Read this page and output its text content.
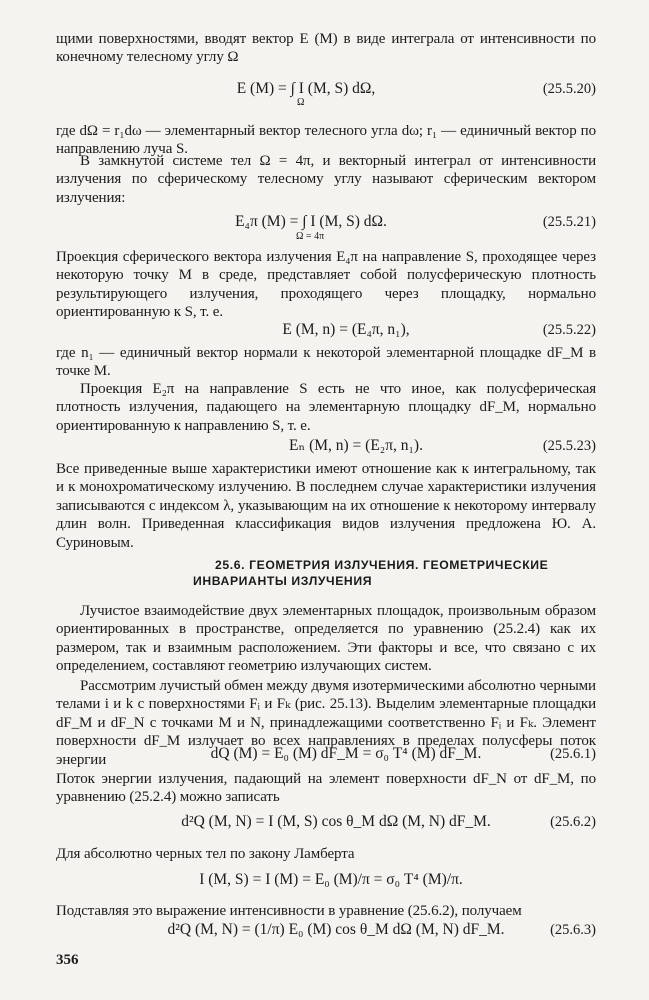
щими поверхностями, вводят вектор E (M) в виде интеграла от интенсивности по конечному телесному углу Ω

E (M) = ∫ I (M, S) dΩ,
Ω
(25.5.20)

где dΩ = r₁dω — элементарный вектор телесного угла dω; r₁ — единичный вектор по направлению луча S.

В замкнутой системе тел Ω = 4π, и векторный интеграл от интенсивности излучения по сферическому телесному углу называют сферическим вектором излучения:

E₄π (M) = ∫ I (M, S) dΩ.
Ω = 4π
(25.5.21)

Проекция сферического вектора излучения E₄π на направление S, проходящее через некоторую точку M в среде, представляет собой полусферическую плотность результирующего излучения, проходящего через площадку, нормально ориентированную к S, т. е.

E (M, n) = (E₄π, n₁),	(25.5.22)

где n₁ — единичный вектор нормали к некоторой элементарной площадке dF_M в точке M.

Проекция E₂π на направление S есть не что иное, как полусферическая плотность излучения, падающего на элементарную площадку dF_M, нормально ориентированную к направлению S, т. е.

Eₙ (M, n) = (E₂π, n₁).	(25.5.23)

Все приведенные выше характеристики имеют отношение как к интегральному, так и к монохроматическому излучению. В последнем случае характеристики излучения записываются с индексом λ, указывающим на их отношение к некоторому интервалу длин волн. Приведенная классификация видов излучения предложена Ю. А. Суриновым.

25.6. ГЕОМЕТРИЯ ИЗЛУЧЕНИЯ. ГЕОМЕТРИЧЕСКИЕ
ИНВАРИАНТЫ ИЗЛУЧЕНИЯ

Лучистое взаимодействие двух элементарных площадок, произвольным образом ориентированных в пространстве, определяется по уравнению (25.2.4) как их размером, так и взаимным расположением. Эти факторы и все, что связано с их определением, составляют геометрию излучающих систем.

Рассмотрим лучистый обмен между двумя изотермическими абсолютно черными телами i и k с поверхностями Fᵢ и Fₖ (рис. 25.13). Выделим элементарные площадки dF_M и dF_N с точками M и N, принадлежащими соответственно Fᵢ и Fₖ. Элемент поверхности dF_M излучает во всех направлениях в пределах полусферы поток энергии	dQ (M) = E₀ (M) dF_M = σ₀ T⁴ (M) dF_M.	(25.6.1)

Поток энергии излучения, падающий на элемент поверхности dF_N от dF_M, по уравнению (25.2.4) можно записать

d²Q (M, N) = I (M, S) cos θ_M dΩ (M, N) dF_M.	(25.6.2)

Для абсолютно черных тел по закону Ламберта

I (M, S) = I (M) = E₀ (M)/π = σ₀ T⁴ (M)/π.

Подставляя это выражение интенсивности в уравнение (25.6.2), получаем

d²Q (M, N) = (1/π) E₀ (M) cos θ_M dΩ (M, N) dF_M.	(25.6.3)
356
